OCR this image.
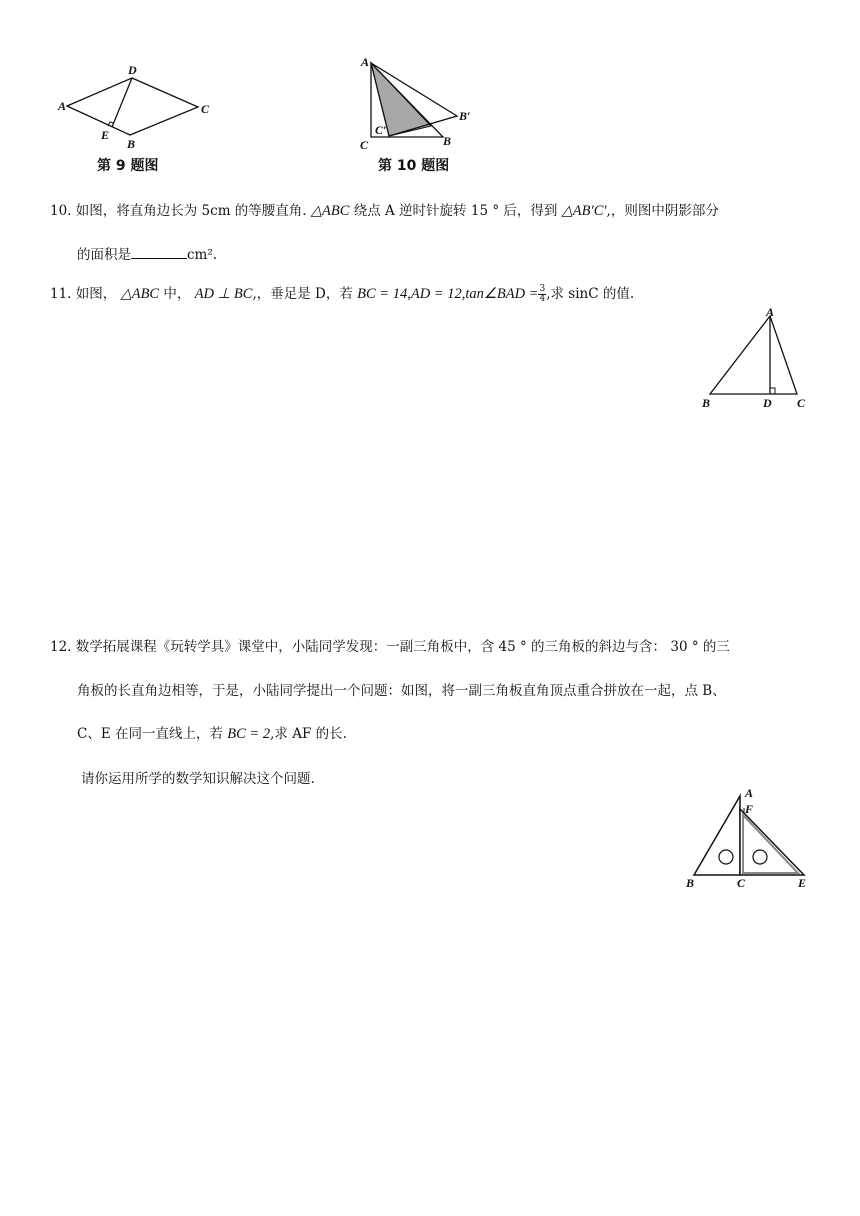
A
D
C
E
B
第 9 题图
A
B′
C′
C	B
第 10 题图
10. 如图，将直角边长为 5cm 的等腰直角. △ABC 绕点 A 逆时针旋转 15 ° 后，得到 △AB′C′,，则图中阴影部分
的面积是	cm².
11. 如图， △ABC 中， AD ⊥ BC,，垂足是 D，若 BC = 14,AD = 12,tan∠BAD = $\frac{3}{4}$ ,求 sinC 的值.
A
B	D C
12. 数学拓展课程《玩转学具》课堂中，小陆同学发现：一副三角板中，含 45 ° 的三角板的斜边与含： 30 ° 的三
角板的长直角边相等，于是，小陆同学提出一个问题：如图，将一副三角板直角顶点重合拼放在一起，点 B、
C、E 在同一直线上，若 BC = 2,求 AF 的长.
请你运用所学的数学知识解决这个问题.
A
F
B	C	E
